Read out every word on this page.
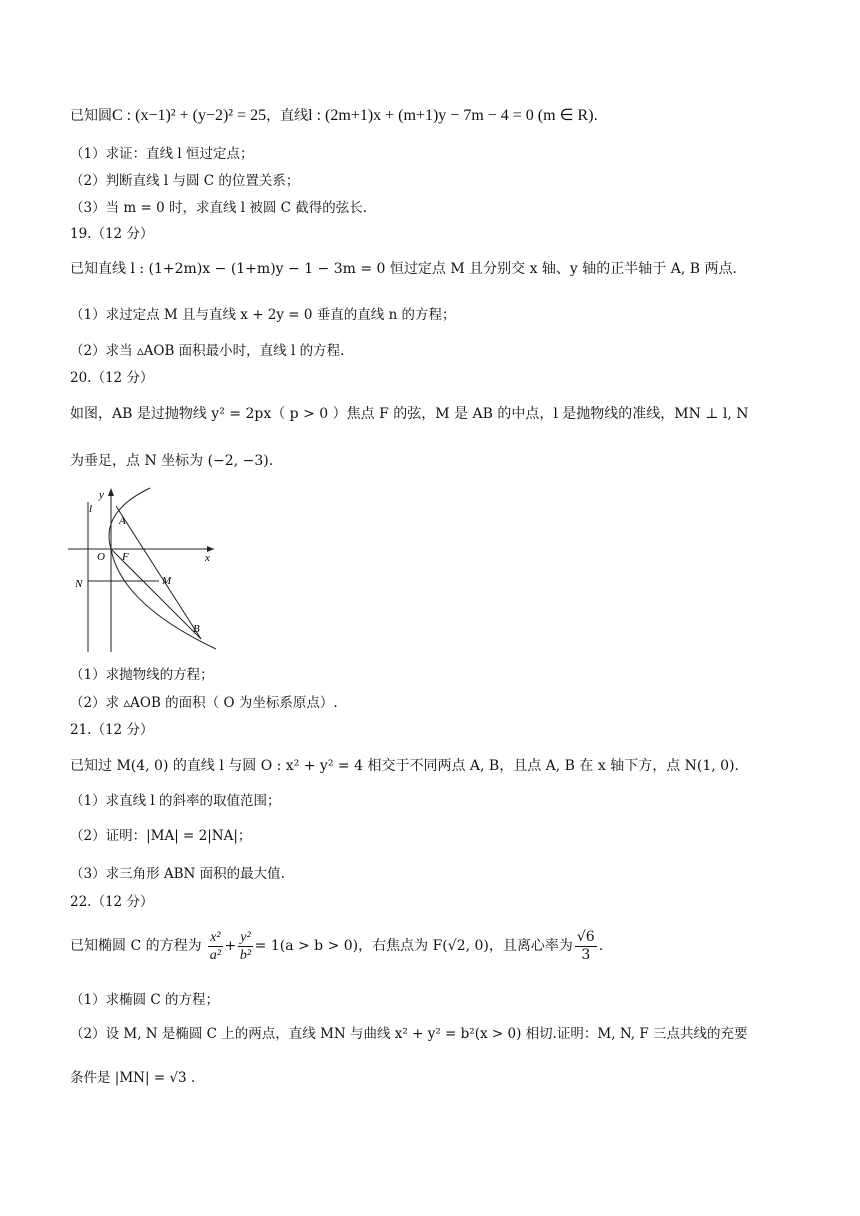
已知圆C : (x−1)² + (y−2)² = 25，直线l : (2m+1)x + (m+1)y − 7m − 4 = 0 (m ∈ R).
（1）求证：直线 l 恒过定点；
（2）判断直线 l 与圆 C 的位置关系；
（3）当 m = 0 时，求直线 l 被圆 C 截得的弦长.
19.（12 分）
已知直线 l : (1+2m)x − (1+m)y − 1 − 3m = 0 恒过定点 M 且分别交 x 轴、y 轴的正半轴于 A, B 两点.
（1）求过定点 M 且与直线 x + 2y = 0 垂直的直线 n 的方程；
（2）求当 ▵AOB 面积最小时，直线 l 的方程.
20.（12 分）
如图，AB 是过抛物线 y² = 2px（ p > 0 ）焦点 F 的弦，M 是 AB 的中点，l 是抛物线的准线，MN ⊥ l, N
为垂足，点 N 坐标为 (−2, −3).
y
x
l
A
O F
N	M
B
（1）求抛物线的方程；
（2）求 ▵AOB 的面积（ O 为坐标系原点）.
21.（12 分）
已知过 M(4, 0) 的直线 l 与圆 O : x² + y² = 4 相交于不同两点 A, B，且点 A, B 在 x 轴下方，点 N(1, 0).
（1）求直线 l 的斜率的取值范围；
（2）证明：|MA| = 2|NA|；
（3）求三角形 ABN 面积的最大值.
22.（12 分）
已知椭圆 C 的方程为 $\frac{\text{x²}}{\text{a²}} + \frac{\text{y²}}{\text{b²}} = 1(a > b > 0)$，右焦点为 F(√2, 0)，且离心率为 $\frac{√6}{3}$ .
（1）求椭圆 C 的方程；
（2）设 M, N 是椭圆 C 上的两点，直线 MN 与曲线 x² + y² = b²(x > 0) 相切.证明：M, N, F 三点共线的充要
条件是 |MN| = √3 .
